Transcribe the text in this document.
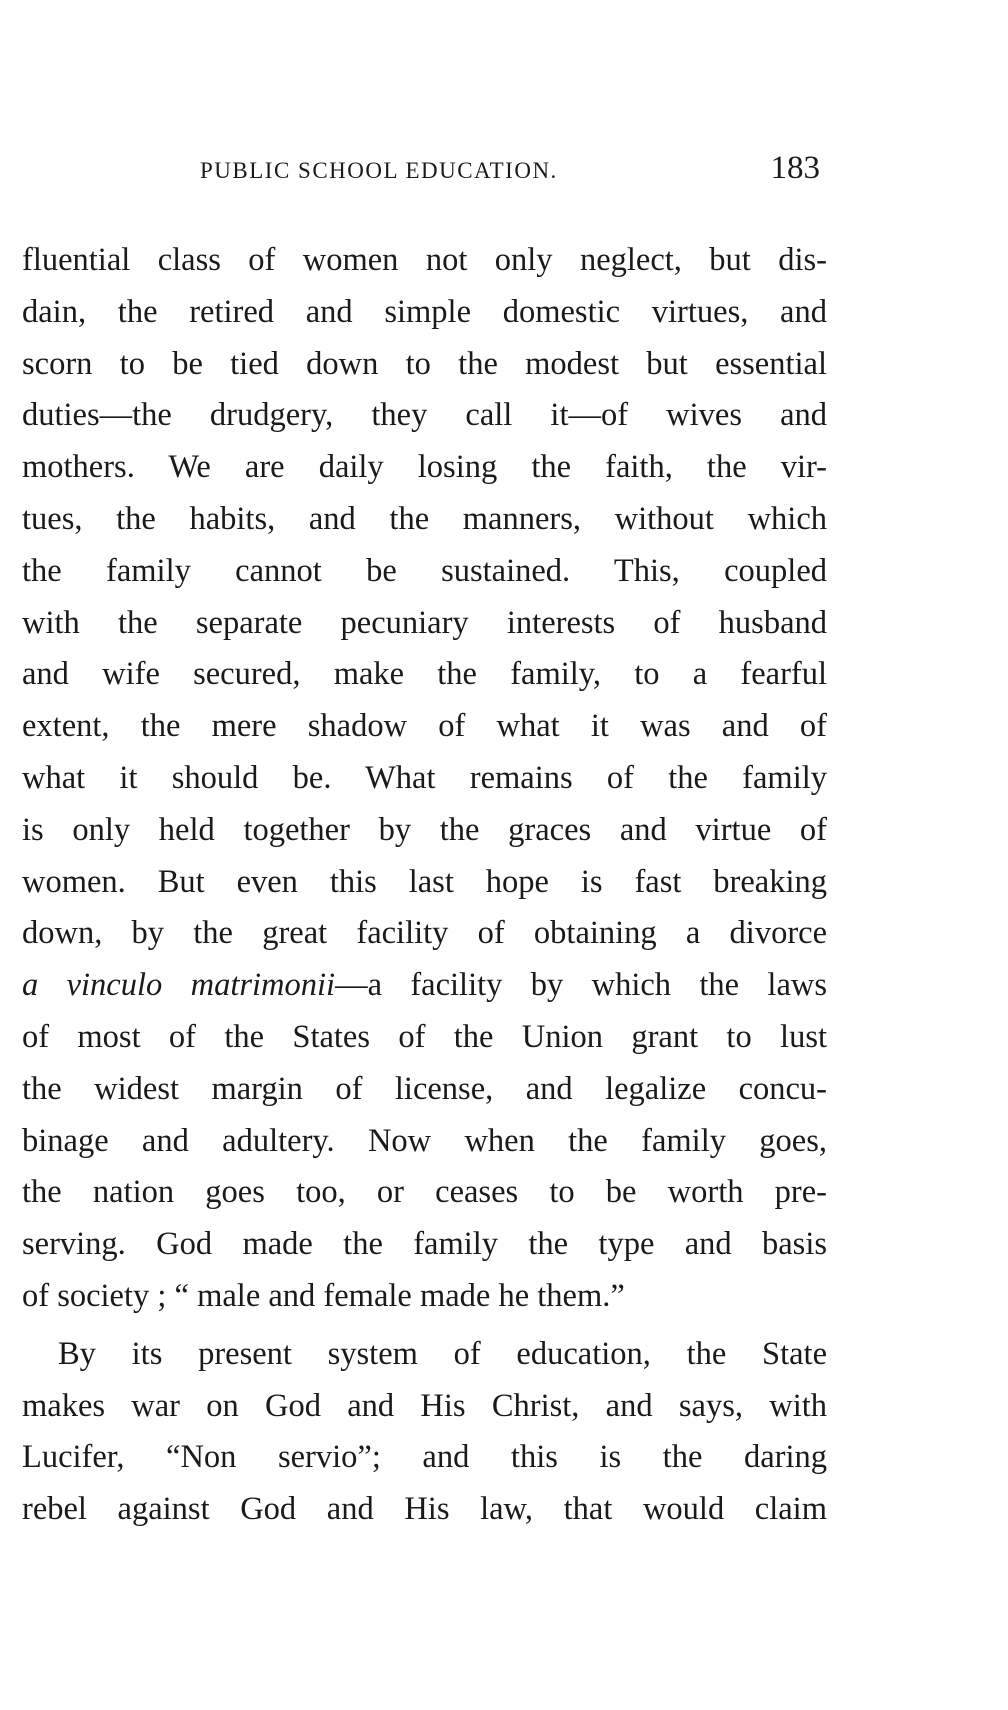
PUBLIC SCHOOL EDUCATION.	183
fluential class of women not only neglect, but dis-
dain, the retired and simple domestic virtues, and
scorn to be tied down to the modest but essential
duties—the drudgery, they call it—of wives and
mothers. We are daily losing the faith, the vir-
tues, the habits, and the manners, without which
the family cannot be sustained. This, coupled
with the separate pecuniary interests of husband
and wife secured, make the family, to a fearful
extent, the mere shadow of what it was and of
what it should be. What remains of the family
is only held together by the graces and virtue of
women. But even this last hope is fast breaking
down, by the great facility of obtaining a divorce
a vinculo matrimonii—a facility by which the laws
of most of the States of the Union grant to lust
the widest margin of license, and legalize concu-
binage and adultery. Now when the family goes,
the nation goes too, or ceases to be worth pre-
serving. God made the family the type and basis
of society ; “ male and female made he them.”
By its present system of education, the State
makes war on God and His Christ, and says, with
Lucifer, “Non servio”; and this is the daring
rebel against God and His law, that would claim
